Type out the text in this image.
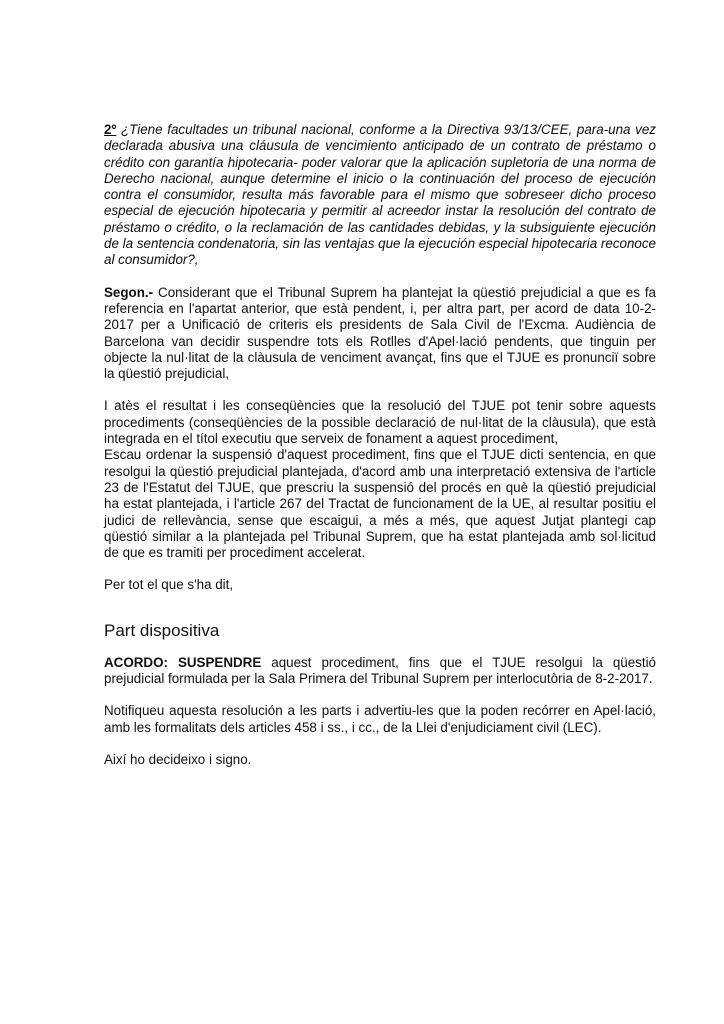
2º ¿Tiene facultades un tribunal nacional, conforme a la Directiva 93/13/CEE, para-una vez declarada abusiva una cláusula de vencimiento anticipado de un contrato de préstamo o crédito con garantía hipotecaria- poder valorar que la aplicación supletoria de una norma de Derecho nacional, aunque determine el inicio o la continuación del proceso de ejecución contra el consumidor, resulta más favorable para el mismo que sobreseer dicho proceso especial de ejecución hipotecaria y permitir al acreedor instar la resolución del contrato de préstamo o crédito, o la reclamación de las cantidades debidas, y la subsiguiente ejecución de la sentencia condenatoria, sin las ventajas que la ejecución especial hipotecaria reconoce al consumidor?,

Segon.- Considerant que el Tribunal Suprem ha plantejat la qüestió prejudicial a que es fa referencia en l'apartat anterior, que està pendent, i, per altra part, per acord de data 10-2-2017 per a Unificació de criteris els presidents de Sala Civil de l'Excma. Audiència de Barcelona van decidir suspendre tots els Rotlles d'Apel·lació pendents, que tinguin per objecte la nul·litat de la clàusula de venciment avançat, fins que el TJUE es pronunciï sobre la qüestió prejudicial,

I atès el resultat i les conseqüències que la resolució del TJUE pot tenir sobre aquests procediments (conseqüències de la possible declaració de nul·litat de la clàusula), que està integrada en el títol executiu que serveix de fonament a aquest procediment,

Escau ordenar la suspensió d'aquest procediment, fins que el TJUE dicti sentencia, en que resolgui la qüestió prejudicial plantejada, d'acord amb una interpretació extensiva de l'article 23 de l'Estatut del TJUE, que prescriu la suspensió del procés en què la qüestió prejudicial ha estat plantejada, i l'article 267 del Tractat de funcionament de la UE, al resultar positiu el judici de rellevància, sense que escaigui, a més a més, que aquest Jutjat plantegi cap qüestió similar a la plantejada pel Tribunal Suprem, que ha estat plantejada amb sol·licitud de que es tramiti per procediment accelerat.

Per tot el que s'ha dit,

Part dispositiva

ACORDO: SUSPENDRE aquest procediment, fins que el TJUE resolgui la qüestió prejudicial formulada per la Sala Primera del Tribunal Suprem per interlocutòria de 8-2-2017.

Notifiqueu aquesta resolución a les parts i advertiu-les que la poden recórrer en Apel·lació, amb les formalitats dels articles 458 i ss., i cc., de la Llei d'enjudiciament civil (LEC).

Així ho decideixo i signo.
